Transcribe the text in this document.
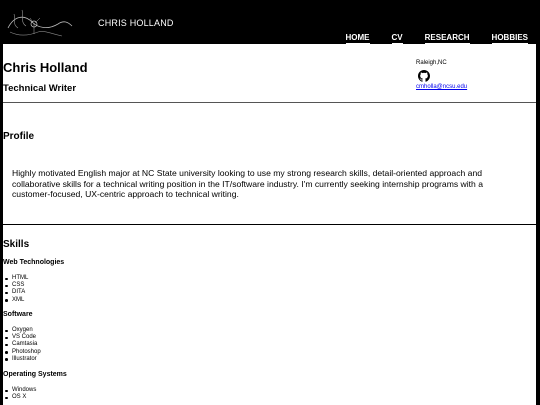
CHRIS HOLLAND
HOME	CV	RESEARCH	HOBBIES
Chris Holland
Technical Writer
Raleigh,NC
cmholla@ncsu.edu
Profile

Highly motivated English major at NC State university looking to use my strong research skills, detail-oriented approach and collaborative skills for a technical writing position in the IT/software industry. I'm currently seeking internship programs with a customer-focused, UX-centric approach to technical writing.

Skills
Web Technologies
HTML
CSS
DITA
XML
Software
Oxygen
VS Code
Camtasia
Photoshop
Illustrator
Operating Systems
Windows
OS X
